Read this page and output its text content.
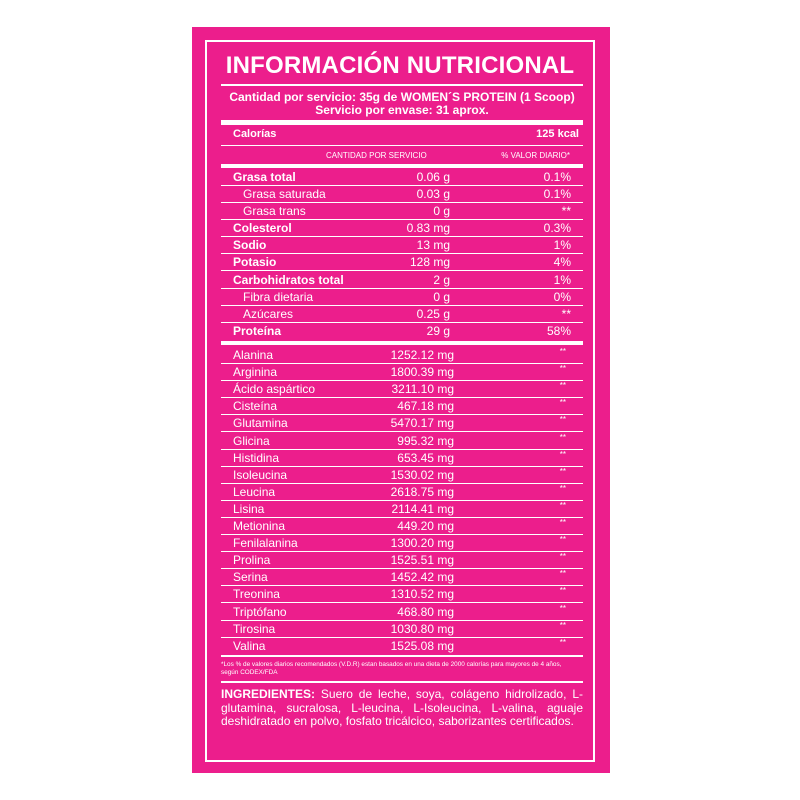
INFORMACIÓN NUTRICIONAL
Cantidad por servicio: 35g de WOMEN´S PROTEIN (1 Scoop)
Servicio por envase: 31 aprox.
Calorías	125 kcal
CANTIDAD POR SERVICIO	% VALOR DIARIO*
Grasa total	0.06 g	0.1%
Grasa saturada	0.03 g	0.1%
Grasa trans	0 g	**
Colesterol	0.83 mg	0.3%
Sodio	13 mg	1%
Potasio	128 mg	4%
Carbohidratos total	2 g	1%
Fibra dietaria	0 g	0%
Azúcares	0.25 g	**
Proteína	29 g	58%
Alanina	1252.12 mg	**
Arginina	1800.39 mg	**
Ácido aspártico	3211.10 mg	**
Cisteína	467.18 mg	**
Glutamina	5470.17 mg	**
Glicina	995.32 mg	**
Histidina	653.45 mg	**
Isoleucina	1530.02 mg	**
Leucina	2618.75 mg	**
Lisina	2114.41 mg	**
Metionina	449.20 mg	**
Fenilalanina	1300.20 mg	**
Prolina	1525.51 mg	**
Serina	1452.42 mg	**
Treonina	1310.52 mg	**
Triptófano	468.80 mg	**
Tirosina	1030.80 mg	**
Valina	1525.08 mg	**
*Los % de valores diarios recomendados (V.D.R) estan basados en una dieta de 2000 calorías para mayores de 4 años, según CODEX/FDA
INGREDIENTES: Suero de leche, soya, colágeno hidrolizado, L-glutamina, sucralosa, L-leucina, L-Isoleucina, L-valina, aguaje deshidratado en polvo, fosfato tricálcico, saborizantes certificados.
